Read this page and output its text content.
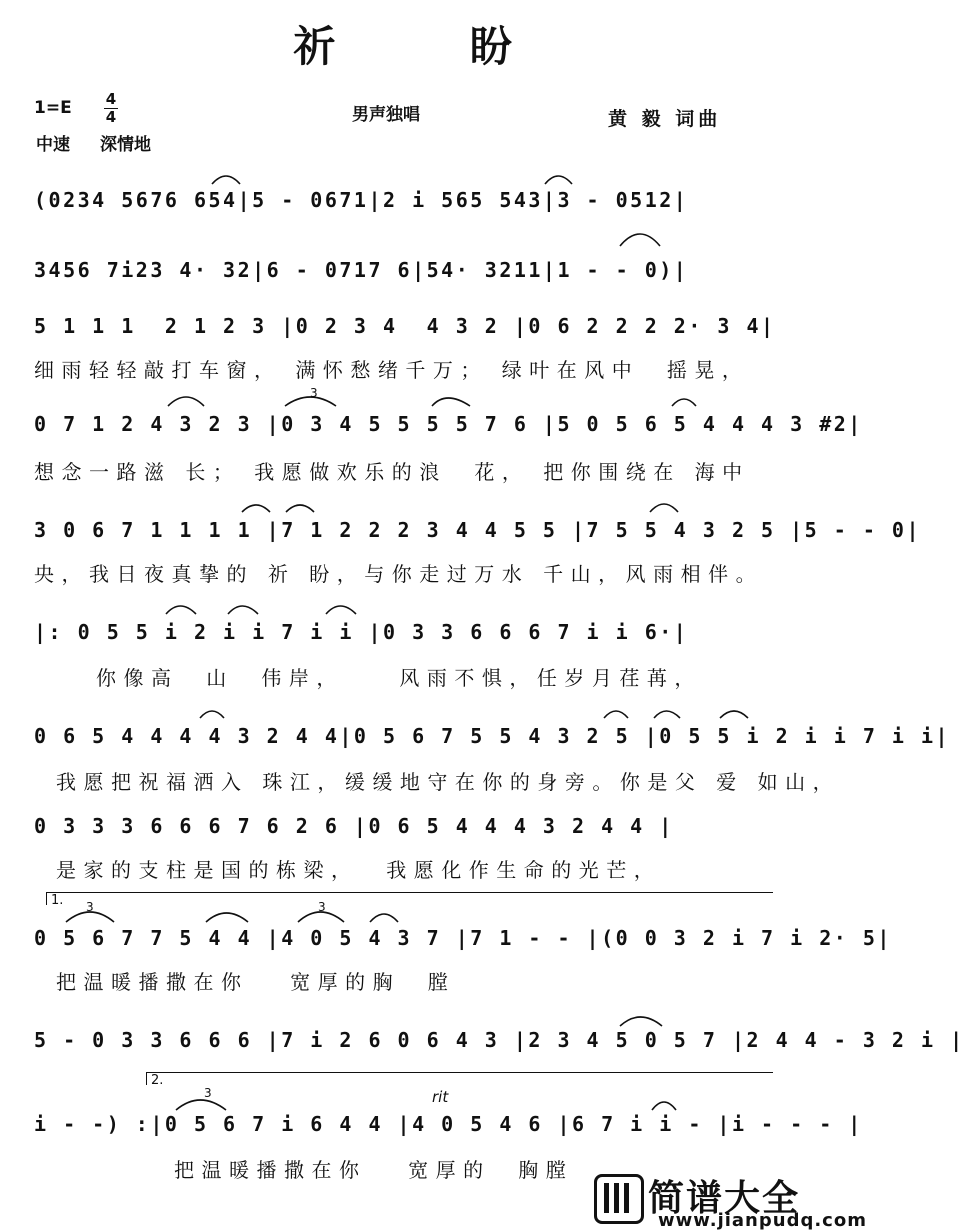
祈 盼
1=E 4
4
中速 深情地
男声独唱	黄 毅 词曲
(0234 5676 654|5 - 0671|2 i 565 543|3 - 0512|
3456 7i23 4· 32|6 - 0717 6|54· 3211|1 - - 0)|
5 1 1 1  2 1 2 3 |0 2 3 4  4 3 2 |0 6 2 2 2 2· 3 4|
细雨轻轻敲打车窗， 满怀愁绪千万； 绿叶在风中  摇晃，
0 7 1 2 4 3 2 3 |0 3 4 5 5 5 5 7 6 |5 0 5 6 5 4 4 4 3 #2|
想念一路滋 长； 我愿做欢乐的浪  花， 把你围绕在 海中
3 0 6 7 1 1 1 1 |7 1 2 2 2 3 4 4 5 5 |7 5 5 4 3 2 5 |5 - - 0|
央，我日夜真挚的 祈 盼，与你走过万水 千山，风雨相伴。
|: 0 5 5 i 2 i i 7 i i |0 3 3 6 6 6 7 i i 6·|
你像高  山  伟岸，    风雨不惧，任岁月荏苒，
0 6 5 4 4 4 4 3 2 4 4|0 5 6 7 5 5 4 3 2 5 |0 5 5 i 2 i i 7 i i|
我愿把祝福洒入 珠江，缓缓地守在你的身旁。你是父 爱 如山，
0 3 3 3 6 6 6 7 6 2 6 |0 6 5 4 4 4 3 2 4 4 |
是家的支柱是国的栋梁，  我愿化作生命的光芒，
1.
0 5 6 7 7 5 4 4 |4 0 5 4 3 7 |7 1 - - |(0 0 3 2 i 7 i 2· 5|
把温暖播撒在你   宽厚的胸  膛
5 - 0 3 3 6 6 6 |7 i 2 6 0 6 4 3 |2 3 4 5 0 5 7 |2 4 4 - 3 2 i |
2.
rit
i - -) :|0 5 6 7 i 6 4 4 |4 0 5 4 6 |6 7 i i - |i - - - |
把温暖播撒在你   宽厚的  胸膛
3
3	3
3
简谱大全
www.jianpudq.com
